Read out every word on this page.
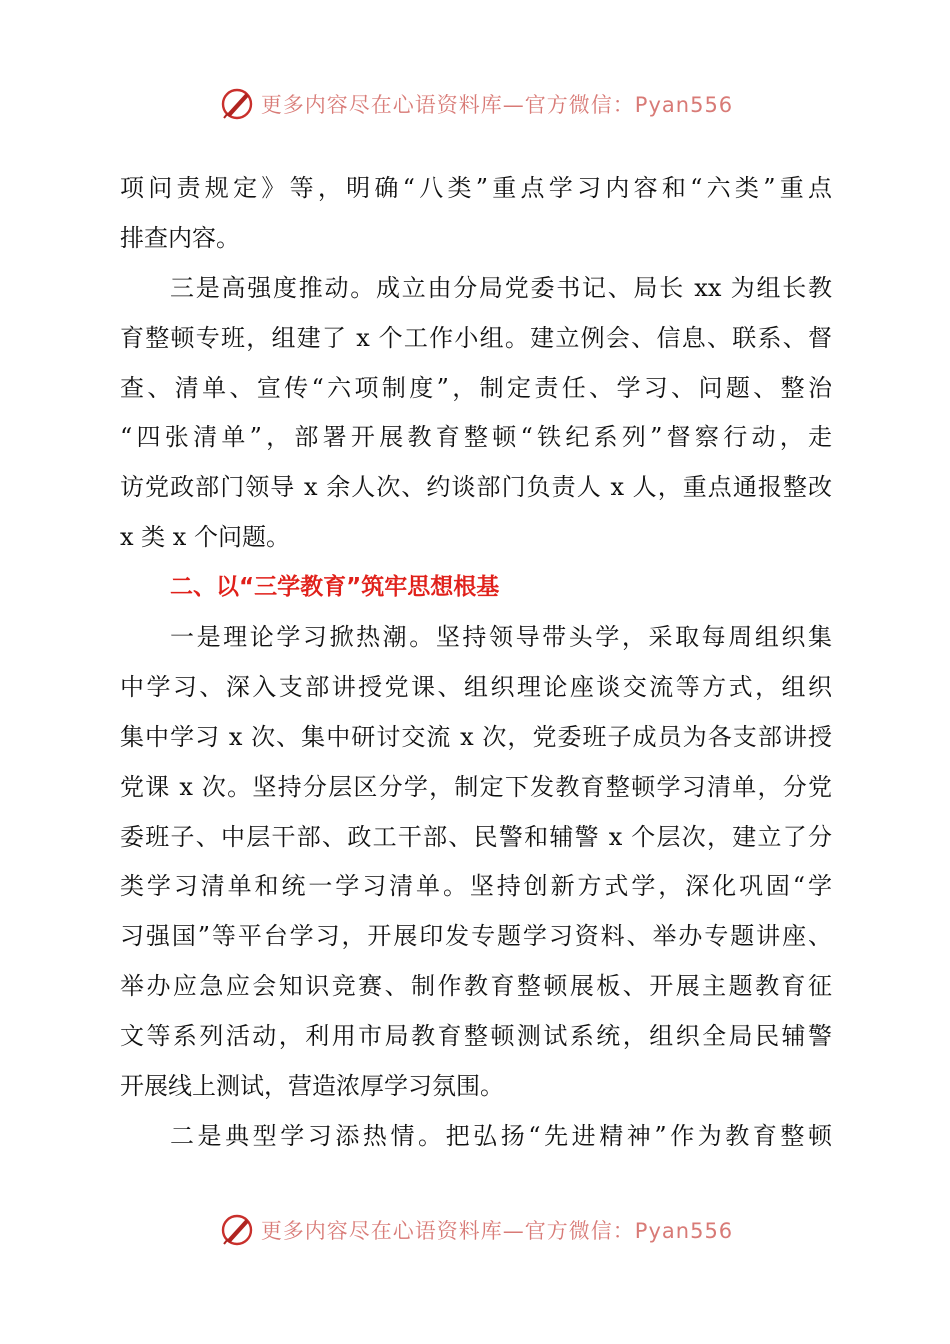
更多内容尽在心语资料库—官方微信：Pyan556
项问责规定》等，明确“八类”重点学习内容和“六类”重点
排查内容。
三是高强度推动。成立由分局党委书记、局长 xx 为组长教
育整顿专班，组建了 x 个工作小组。建立例会、信息、联系、督
查、清单、宣传“六项制度”，制定责任、学习、问题、整治
“四张清单”，部署开展教育整顿“铁纪系列”督察行动，走
访党政部门领导 x 余人次、约谈部门负责人 x 人，重点通报整改
x 类 x 个问题。
二、以“三学教育”筑牢思想根基
一是理论学习掀热潮。坚持领导带头学，采取每周组织集
中学习、深入支部讲授党课、组织理论座谈交流等方式，组织
集中学习 x 次、集中研讨交流 x 次，党委班子成员为各支部讲授
党课 x 次。坚持分层区分学，制定下发教育整顿学习清单，分党
委班子、中层干部、政工干部、民警和辅警 x 个层次，建立了分
类学习清单和统一学习清单。坚持创新方式学，深化巩固“学
习强国”等平台学习，开展印发专题学习资料、举办专题讲座、
举办应急应会知识竞赛、制作教育整顿展板、开展主题教育征
文等系列活动，利用市局教育整顿测试系统，组织全局民辅警
开展线上测试，营造浓厚学习氛围。
二是典型学习添热情。把弘扬“先进精神”作为教育整顿
更多内容尽在心语资料库—官方微信：Pyan556
